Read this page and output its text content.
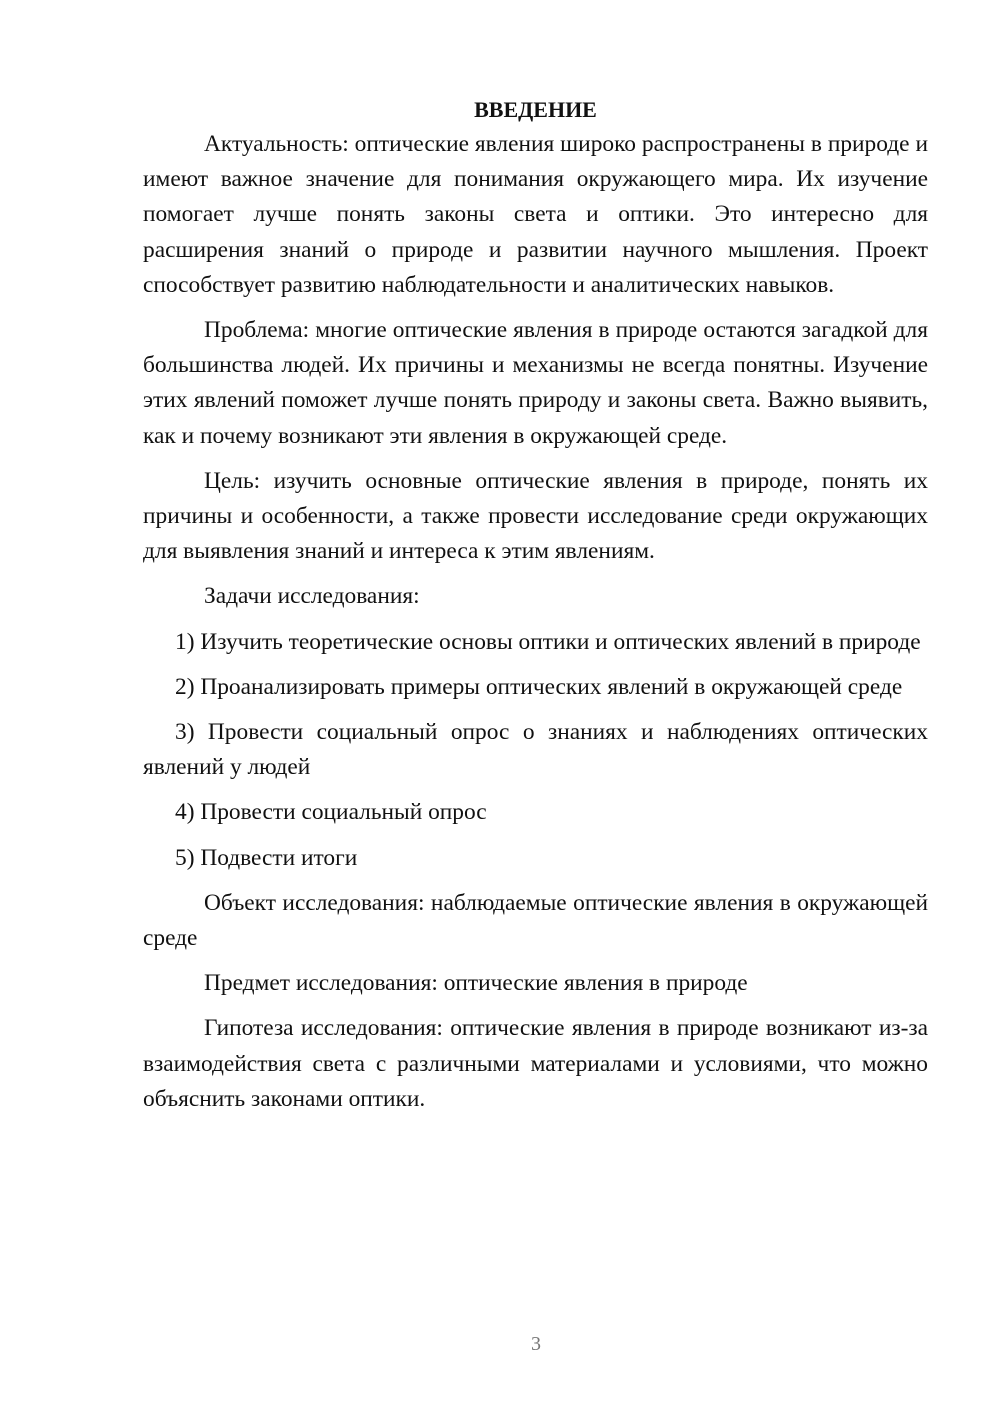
ВВЕДЕНИЕ

Актуальность: оптические явления широко распространены в природе и имеют важное значение для понимания окружающего мира. Их изучение помогает лучше понять законы света и оптики. Это интересно для расширения знаний о природе и развитии научного мышления. Проект способствует развитию наблюдательности и аналитических навыков.

Проблема: многие оптические явления в природе остаются загадкой для большинства людей. Их причины и механизмы не всегда понятны. Изучение этих явлений поможет лучше понять природу и законы света. Важно выявить, как и почему возникают эти явления в окружающей среде.

Цель: изучить основные оптические явления в природе, понять их причины и особенности, а также провести исследование среди окружающих для выявления знаний и интереса к этим явлениям.

Задачи исследования:

1) Изучить теоретические основы оптики и оптических явлений в природе

2) Проанализировать примеры оптических явлений в окружающей среде

3) Провести социальный опрос о знаниях и наблюдениях оптических явлений у людей

4) Провести социальный опрос

5) Подвести итоги

Объект исследования: наблюдаемые оптические явления в окружающей среде

Предмет исследования: оптические явления в природе

Гипотеза исследования: оптические явления в природе возникают из-за взаимодействия света с различными материалами и условиями, что можно объяснить законами оптики.

3
